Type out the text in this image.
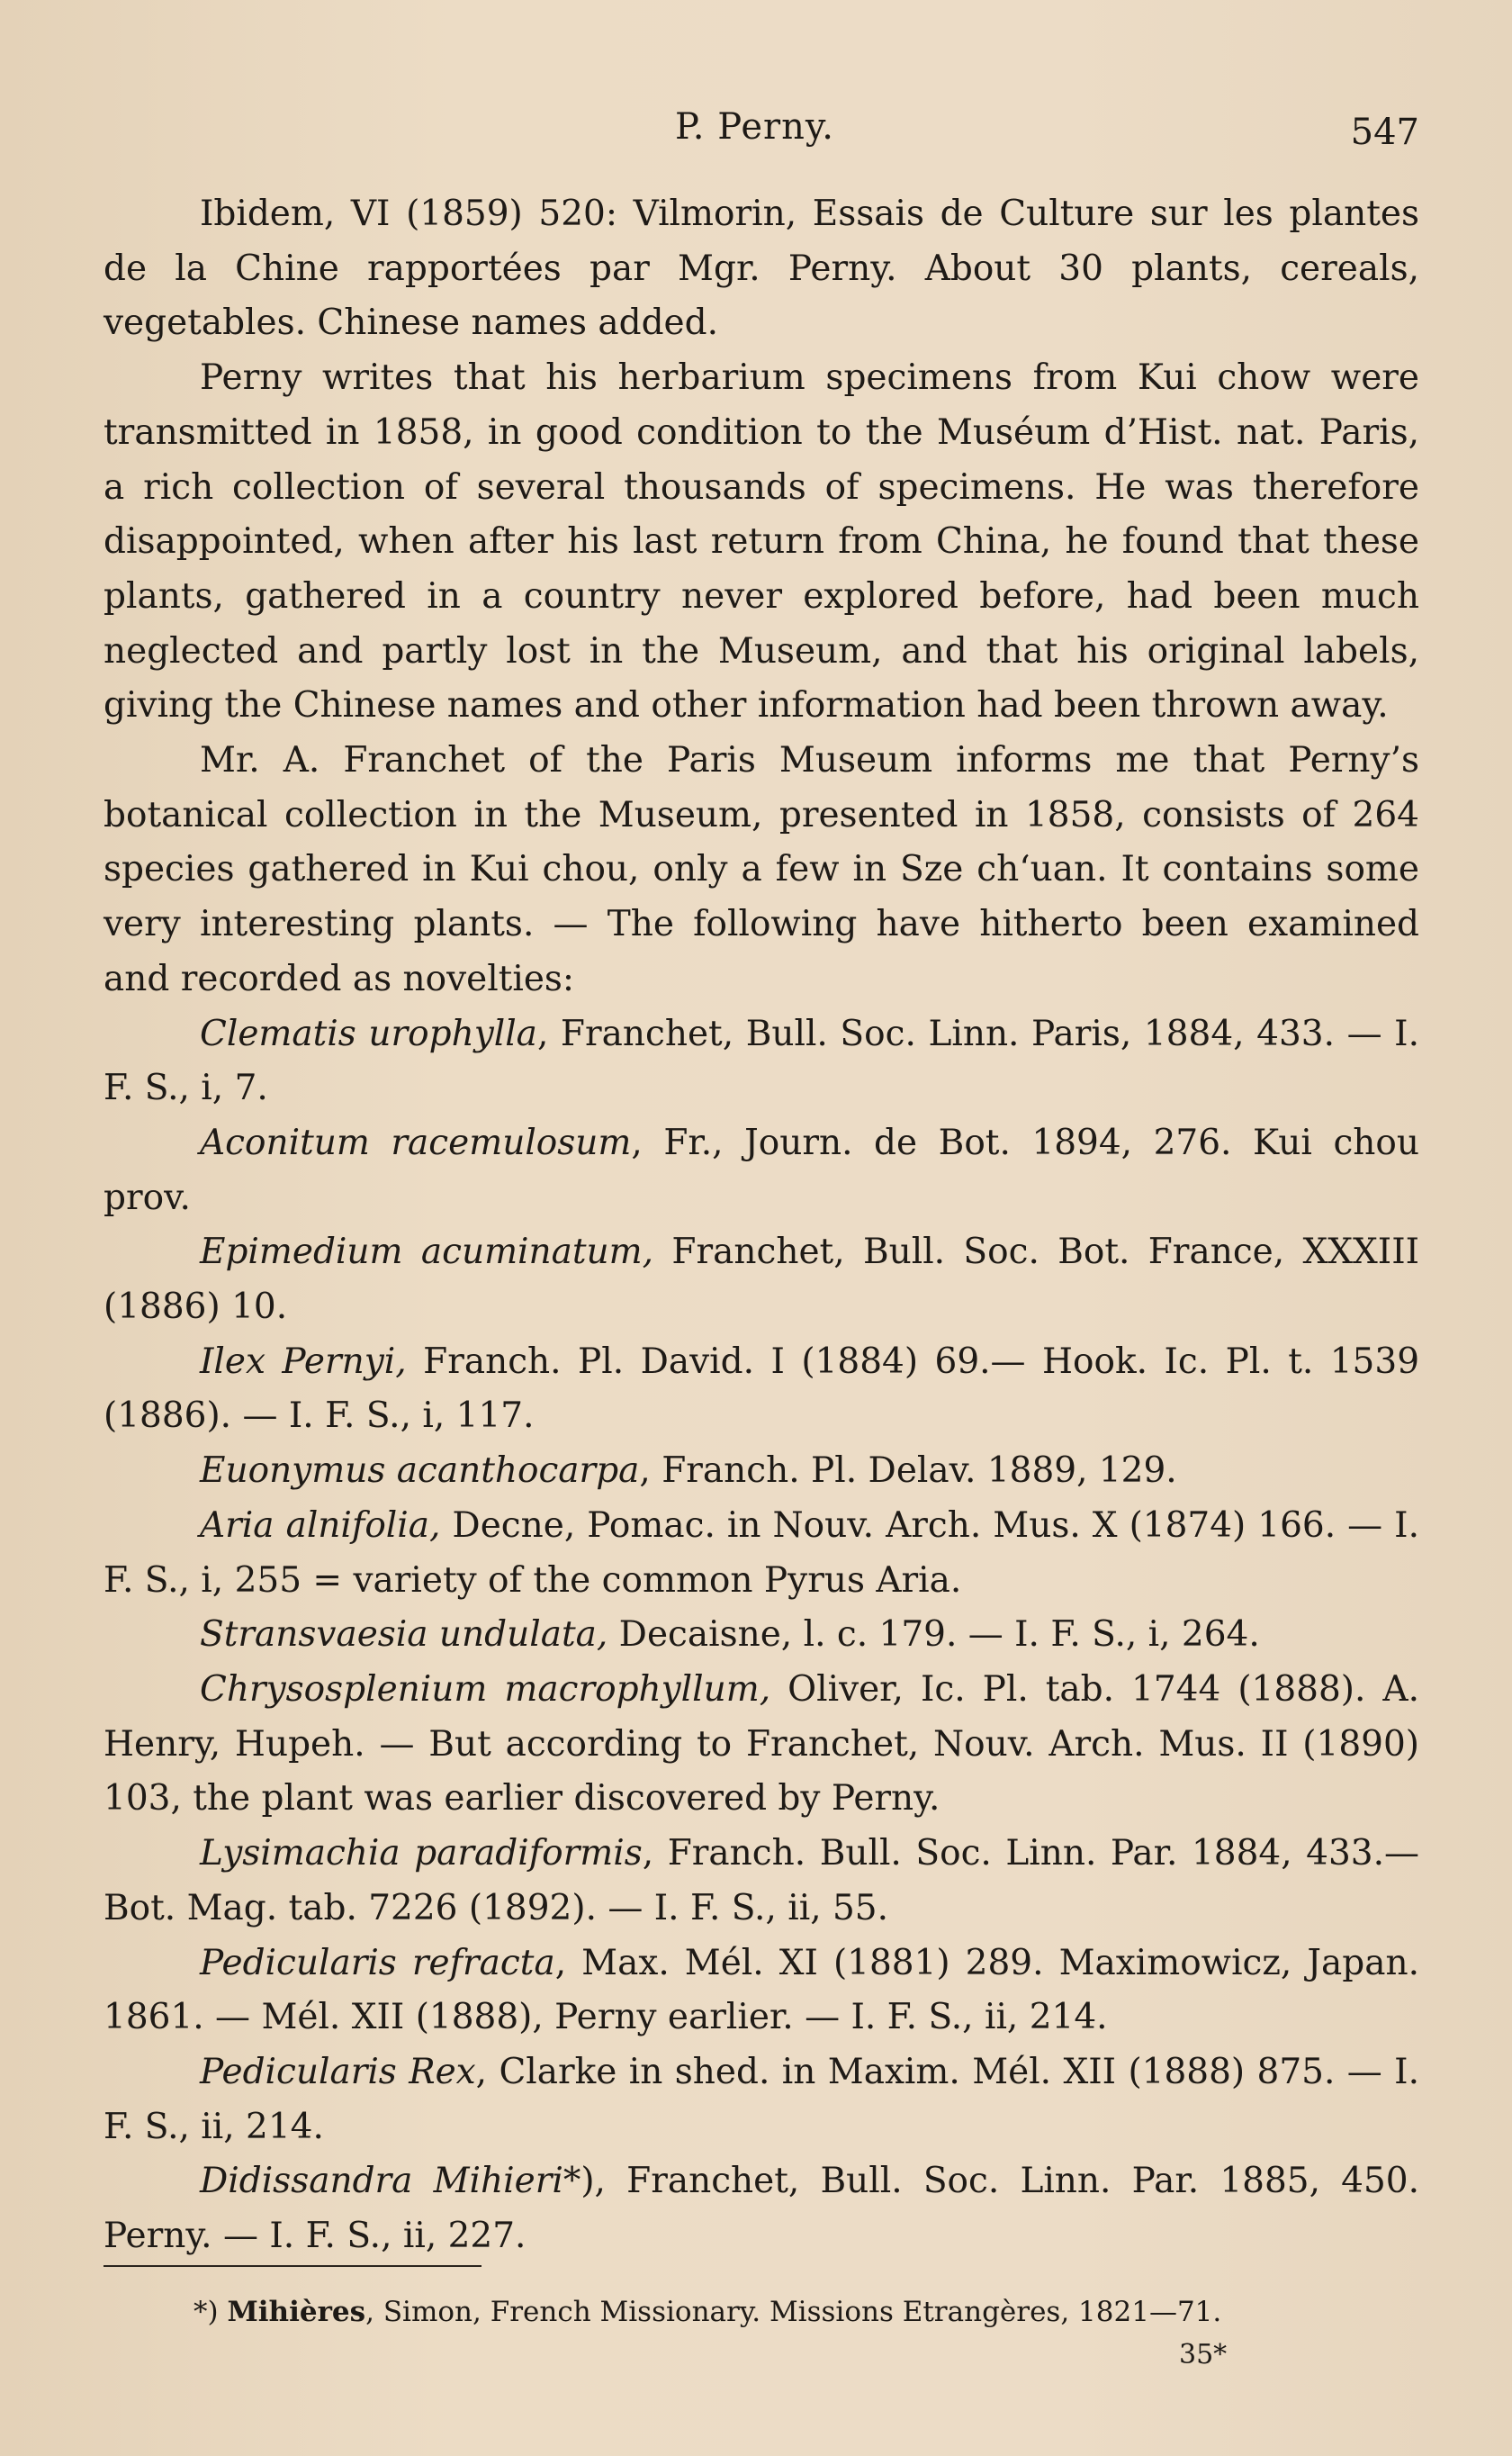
P. Perny.	547

Ibidem, VI (1859) 520: Vilmorin, Essais de Culture sur les plantes de la Chine rapportées par Mgr. Perny. About 30 plants, cereals, vegetables. Chinese names added.

Perny writes that his herbarium specimens from Kui chow were transmitted in 1858, in good condition to the Muséum d’Hist. nat. Paris, a rich collection of several thousands of specimens. He was therefore disappointed, when after his last return from China, he found that these plants, gathered in a country never explored before, had been much neglected and partly lost in the Museum, and that his original labels, giving the Chinese names and other information had been thrown away.

Mr. A. Franchet of the Paris Museum informs me that Perny’s botanical collection in the Museum, presented in 1858, consists of 264 species gathered in Kui chou, only a few in Sze chʻuan. It contains some very interesting plants. — The following have hitherto been examined and recorded as novelties:

Clematis urophylla, Franchet, Bull. Soc. Linn. Paris, 1884, 433. — I. F. S., i, 7.

Aconitum racemulosum, Fr., Journ. de Bot. 1894, 276. Kui chou prov.

Epimedium acuminatum, Franchet, Bull. Soc. Bot. France, XXXIII (1886) 10.

Ilex Pernyi, Franch. Pl. David. I (1884) 69.— Hook. Ic. Pl. t. 1539 (1886). — I. F. S., i, 117.

Euonymus acanthocarpa, Franch. Pl. Delav. 1889, 129.

Aria alnifolia, Decne, Pomac. in Nouv. Arch. Mus. X (1874) 166. — I. F. S., i, 255 = variety of the common Pyrus Aria.

Stransvaesia undulata, Decaisne, l. c. 179. — I. F. S., i, 264.

Chrysosplenium macrophyllum, Oliver, Ic. Pl. tab. 1744 (1888). A. Henry, Hupeh. — But according to Franchet, Nouv. Arch. Mus. II (1890) 103, the plant was earlier discovered by Perny.

Lysimachia paradiformis, Franch. Bull. Soc. Linn. Par. 1884, 433.— Bot. Mag. tab. 7226 (1892). — I. F. S., ii, 55.

Pedicularis refracta, Max. Mél. XI (1881) 289. Maximowicz, Japan. 1861. — Mél. XII (1888), Perny earlier. — I. F. S., ii, 214.

Pedicularis Rex, Clarke in shed. in Maxim. Mél. XII (1888) 875. — I. F. S., ii, 214.

Didissandra Mihieri*), Franchet, Bull. Soc. Linn. Par. 1885, 450. Perny. — I. F. S., ii, 227.

*) Mihières, Simon, French Missionary. Missions Etrangères, 1821—71.
35*
